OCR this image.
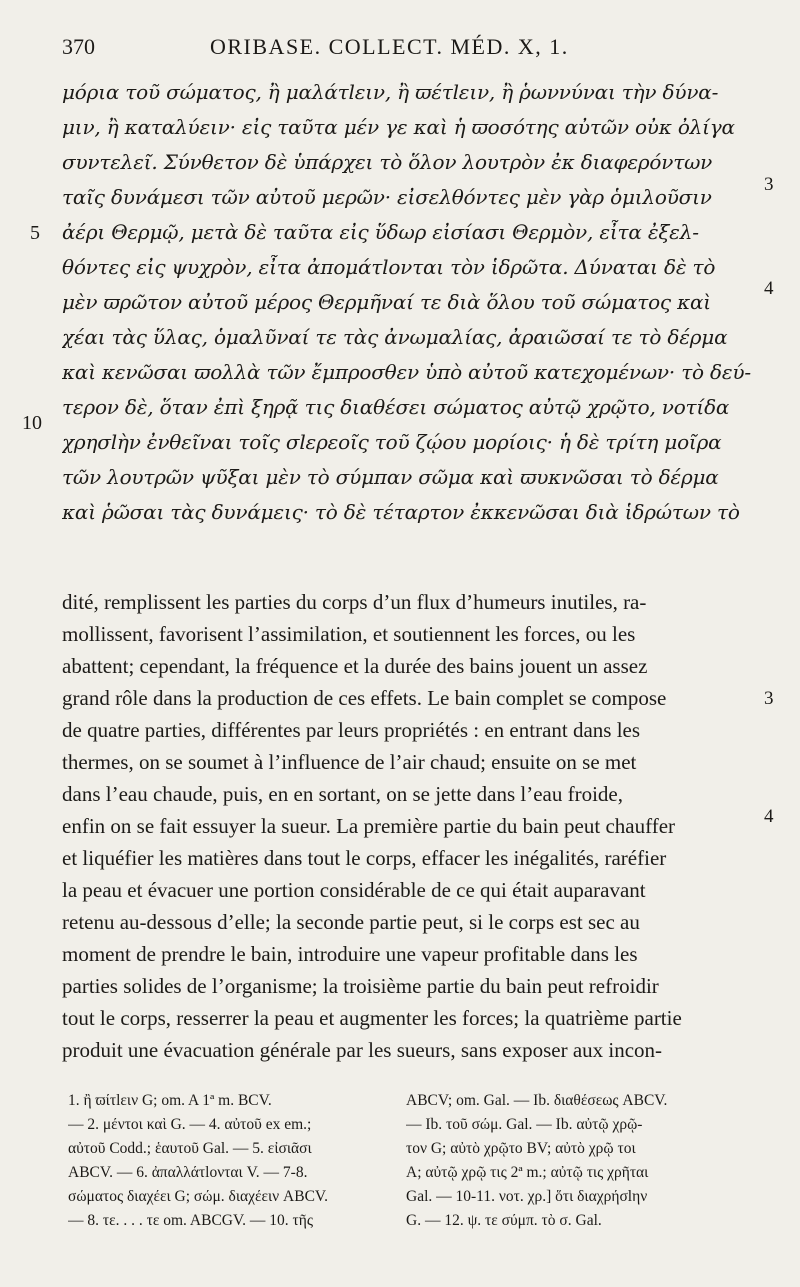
370	ORIBASE. COLLECT. MÉD. X, 1.
μόρια τοῦ σώματος, ἢ μαλάτlειν, ἢ ϖέτlειν, ἢ ῥωννύναι τὴν δύνα-
μιν, ἢ καταλύειν· εἰς ταῦτα μέν γε καὶ ἡ ϖοσότης αὐτῶν οὐκ ὀλίγα
συντελεῖ. Σύνθετον δὲ ὑπάρχει τὸ ὅλον λουτρὸν ἐκ διαφερόντων
ταῖς δυνάμεσι τῶν αὐτοῦ μερῶν· εἰσελθόντες μὲν γὰρ ὁμιλοῦσιν
ἀέρι Θερμῷ, μετὰ δὲ ταῦτα εἰς ὕδωρ εἰσίασι Θερμὸν, εἶτα ἐξελ-
θόντες εἰς ψυχρὸν, εἶτα ἀπομάτlονται τὸν ἱδρῶτα. Δύναται δὲ τὸ
μὲν ϖρῶτον αὐτοῦ μέρος Θερμῆναί τε διὰ ὅλου τοῦ σώματος καὶ
χέαι τὰς ὕλας, ὁμαλῦναί τε τὰς ἀνωμαλίας, ἀραιῶσαί τε τὸ δέρμα
καὶ κενῶσαι ϖολλὰ τῶν ἔμπροσθεν ὑπὸ αὐτοῦ κατεχομένων· τὸ δεύ-
τερον δὲ, ὅταν ἐπὶ ξηρᾷ τις διαθέσει σώματος αὐτῷ χρῷτο, νοτίδα
χρησlὴν ἐνθεῖναι τοῖς σlερεοῖς τοῦ ζῴου μορίοις· ἡ δὲ τρίτη μοῖρα
τῶν λουτρῶν ψῦξαι μὲν τὸ σύμπαν σῶμα καὶ ϖυκνῶσαι τὸ δέρμα
καὶ ῥῶσαι τὰς δυνάμεις· τὸ δὲ τέταρτον ἐκκενῶσαι διὰ ἱδρώτων τὸ
5
10
3
4
dité, remplissent les parties du corps d’un flux d’humeurs inutiles, ra-
mollissent, favorisent l’assimilation, et soutiennent les forces, ou les
abattent; cependant, la fréquence et la durée des bains jouent un assez
grand rôle dans la production de ces effets. Le bain complet se compose
de quatre parties, différentes par leurs propriétés : en entrant dans les
thermes, on se soumet à l’influence de l’air chaud; ensuite on se met
dans l’eau chaude, puis, en en sortant, on se jette dans l’eau froide,
enfin on se fait essuyer la sueur. La première partie du bain peut chauffer
et liquéfier les matières dans tout le corps, effacer les inégalités, raréfier
la peau et évacuer une portion considérable de ce qui était auparavant
retenu au-dessous d’elle; la seconde partie peut, si le corps est sec au
moment de prendre le bain, introduire une vapeur profitable dans les
parties solides de l’organisme; la troisième partie du bain peut refroidir
tout le corps, resserrer la peau et augmenter les forces; la quatrième partie
produit une évacuation générale par les sueurs, sans exposer aux incon-
3
4
1. ἢ ϖίτlειν G; om. A 1ª m. BCV.
— 2. μέντοι καὶ G. — 4. αὐτοῦ ex em.;
αὐτοῦ Codd.; ἑαυτοῦ Gal. — 5. εἰσιᾶσι
ABCV. — 6. ἀπαλλάτlονται V. — 7-8.
σώματος διαχέει G; σώμ. διαχέειν ABCV.
— 8. τε. . . . τε om. ABCGV. — 10. τῆς
ABCV; om. Gal. — Ib. διαθέσεως ABCV.
— Ib. τοῦ σώμ. Gal. — Ib. αὐτῷ χρῷ-
τον G; αὐτὸ χρῷτο BV; αὐτὸ χρῷ τοι
A; αὐτῷ χρῷ τις 2ª m.; αὐτῷ τις χρῆται
Gal. — 10-11. νοτ. χρ.] ὅτι διαχρήσlην
G. — 12. ψ. τε σύμπ. τὸ σ. Gal.
